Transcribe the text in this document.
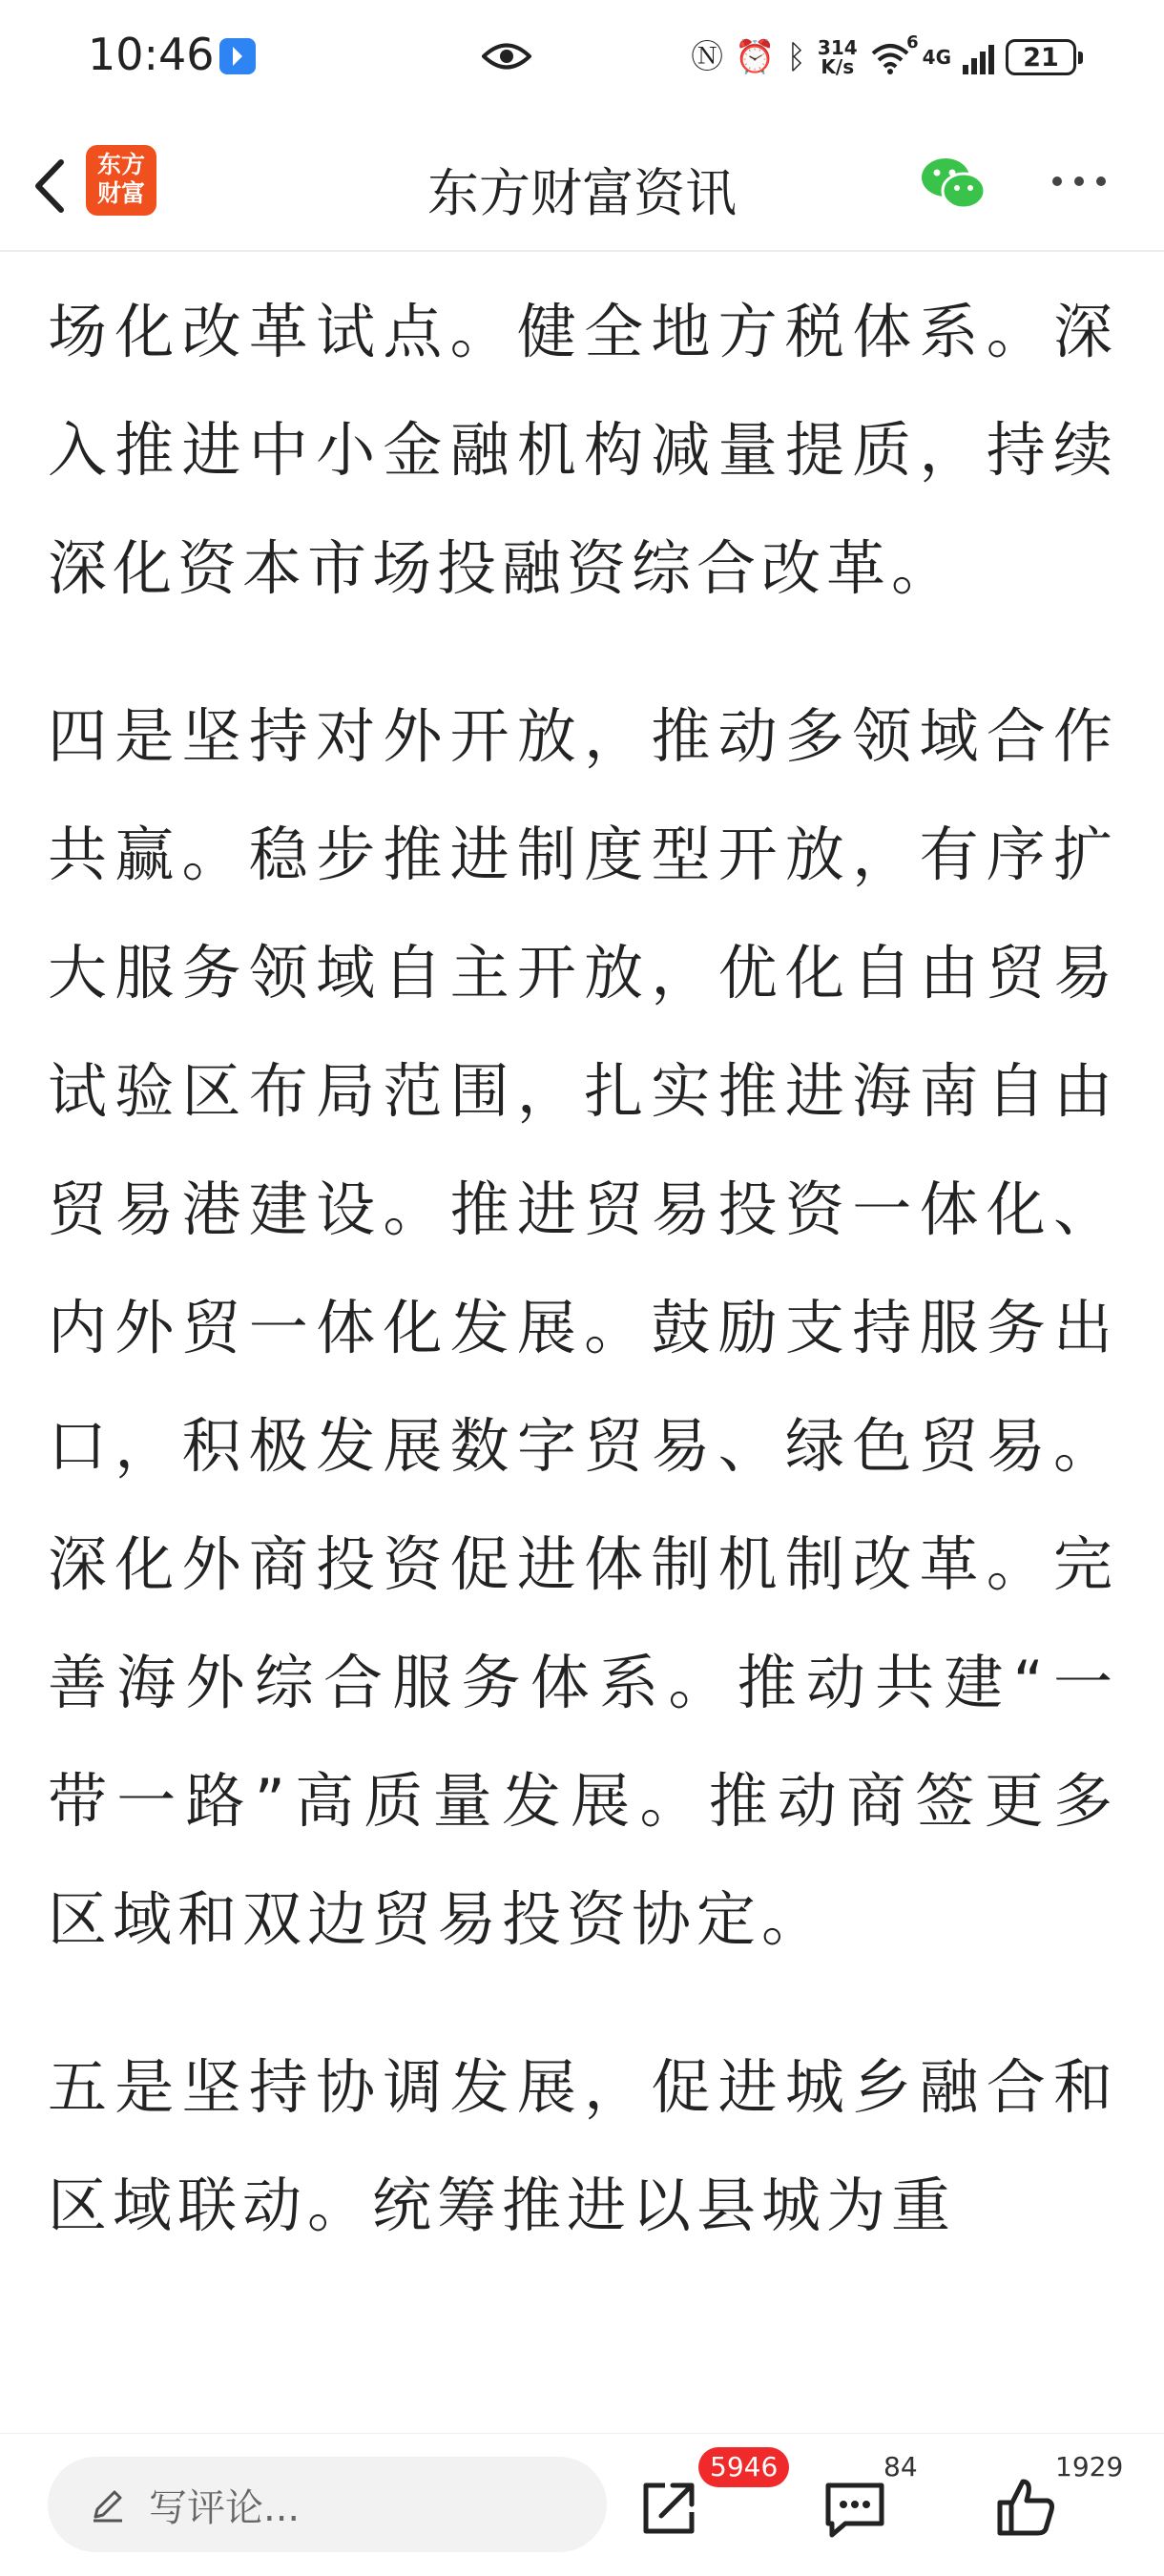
10:46	Ⓝ ⏰ ᛒ 314
K/s
6
4G	21
东方
财富	东方财富资讯

场化改革试点。健全地方税体系。深入推进中小金融机构减量提质，持续深化资本市场投融资综合改革。

四是坚持对外开放，推动多领域合作共赢。稳步推进制度型开放，有序扩大服务领域自主开放，优化自由贸易试验区布局范围，扎实推进海南自由贸易港建设。推进贸易投资一体化、内外贸一体化发展。鼓励支持服务出口，积极发展数字贸易、绿色贸易。深化外商投资促进体制机制改革。完善海外综合服务体系。推动共建“一带一路”高质量发展。推动商签更多区域和双边贸易投资协定。

五是坚持协调发展，促进城乡融合和区域联动。统筹推进以县城为重

写评论...
5946	84	1929
